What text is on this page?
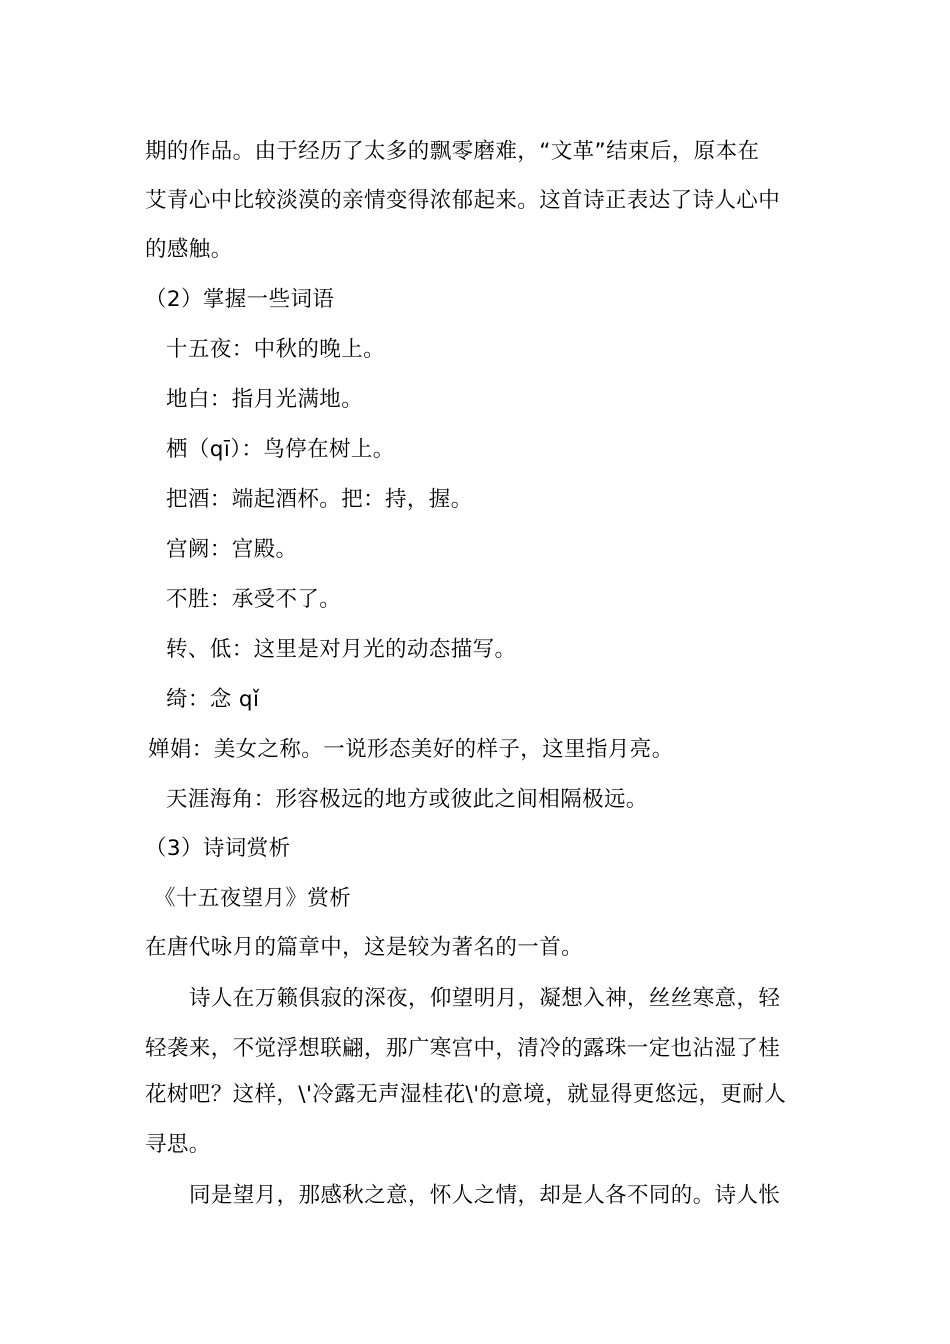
期的作品。由于经历了太多的飘零磨难，“文革”结束后，原本在
艾青心中比较淡漠的亲情变得浓郁起来。这首诗正表达了诗人心中
的感触。
（2）掌握一些词语
十五夜：中秋的晚上。
地白：指月光满地。
栖（qī）：鸟停在树上。
把酒：端起酒杯。把：持，握。
宫阙：宫殿。
不胜：承受不了。
转、低：这里是对月光的动态描写。
绮：念 qǐ
婵娟：美女之称。一说形态美好的样子，这里指月亮。
天涯海角：形容极远的地方或彼此之间相隔极远。
（3）诗词赏析
《十五夜望月》赏析
在唐代咏月的篇章中，这是较为著名的一首。
诗人在万籁俱寂的深夜，仰望明月，凝想入神，丝丝寒意，轻
轻袭来，不觉浮想联翩，那广寒宫中，清冷的露珠一定也沾湿了桂
花树吧？这样，\'冷露无声湿桂花\'的意境，就显得更悠远，更耐人
寻思。
同是望月，那感秋之意，怀人之情，却是人各不同的。诗人怅
